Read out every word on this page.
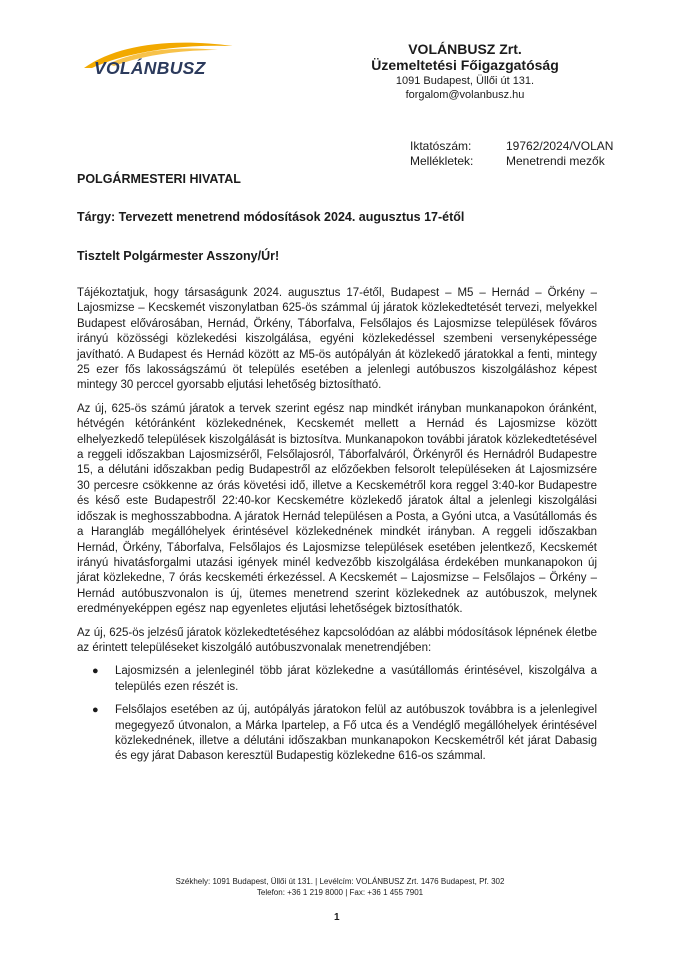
VOLÁNBUSZ
VOLÁNBUSZ Zrt.
Üzemeltetési Főigazgatóság
1091 Budapest, Üllői út 131.
forgalom@volanbusz.hu
Iktatószám:	19762/2024/VOLAN
Mellékletek:	Menetrendi mezők
POLGÁRMESTERI HIVATAL
Tárgy: Tervezett menetrend módosítások 2024. augusztus 17-étől
Tisztelt Polgármester Asszony/Úr!

Tájékoztatjuk, hogy társaságunk 2024. augusztus 17-étől, Budapest – M5 – Hernád – Örkény – Lajosmizse – Kecskemét viszonylatban 625-ös számmal új járatok közlekedtetését tervezi, melyekkel Budapest elővárosában, Hernád, Örkény, Táborfalva, Felsőlajos és Lajosmizse települések főváros irányú közösségi közlekedési kiszolgálása, egyéni közlekedéssel szembeni versenyképessége javítható. A Budapest és Hernád között az M5-ös autópályán át közlekedő járatokkal a fenti, mintegy 25 ezer fős lakosságszámú öt település esetében a jelenlegi autóbuszos kiszolgáláshoz képest mintegy 30 perccel gyorsabb eljutási lehetőség biztosítható.

Az új, 625-ös számú járatok a tervek szerint egész nap mindkét irányban munkanapokon óránként, hétvégén kétóránként közlekednének, Kecskemét mellett a Hernád és Lajosmizse között elhelyezkedő települések kiszolgálását is biztosítva. Munkanapokon további járatok közlekedtetésével a reggeli időszakban Lajosmizséről, Felsőlajosról, Táborfalváról, Örkényről és Hernádról Budapestre 15, a délutáni időszakban pedig Budapestről az előzőekben felsorolt településeken át Lajosmizsére 30 percesre csökkenne az órás követési idő, illetve a Kecskemétről kora reggel 3:40-kor Budapestre és késő este Budapestről 22:40-kor Kecskemétre közlekedő járatok által a jelenlegi kiszolgálási időszak is meghosszabbodna. A járatok Hernád településen a Posta, a Gyóni utca, a Vasútállomás és a Harangláb megállóhelyek érintésével közlekednének mindkét irányban. A reggeli időszakban Hernád, Örkény, Táborfalva, Felsőlajos és Lajosmizse települések esetében jelentkező, Kecskemét irányú hivatásforgalmi utazási igények minél kedvezőbb kiszolgálása érdekében munkanapokon új járat közlekedne, 7 órás kecskeméti érkezéssel. A Kecskemét – Lajosmizse – Felsőlajos – Örkény – Hernád autóbuszvonalon is új, ütemes menetrend szerint közlekednek az autóbuszok, melynek eredményeképpen egész nap egyenletes eljutási lehetőségek biztosíthatók.

Az új, 625-ös jelzésű járatok közlekedtetéséhez kapcsolódóan az alábbi módosítások lépnének életbe az érintett településeket kiszolgáló autóbuszvonalak menetrendjében:

● Lajosmizsén a jelenleginél több járat közlekedne a vasútállomás érintésével, kiszolgálva a település ezen részét is.
● Felsőlajos esetében az új, autópályás járatokon felül az autóbuszok továbbra is a jelenlegivel megegyező útvonalon, a Márka Ipartelep, a Fő utca és a Vendéglő megállóhelyek érintésével közlekednének, illetve a délutáni időszakban munkanapokon Kecskemétről két járat Dabasig és egy járat Dabason keresztül Budapestig közlekedne 616-os számmal.
Székhely: 1091 Budapest, Üllői út 131. | Levélcím: VOLÁNBUSZ Zrt. 1476 Budapest, Pf. 302
Telefon: +36 1 219 8000 | Fax: +36 1 455 7901
1
